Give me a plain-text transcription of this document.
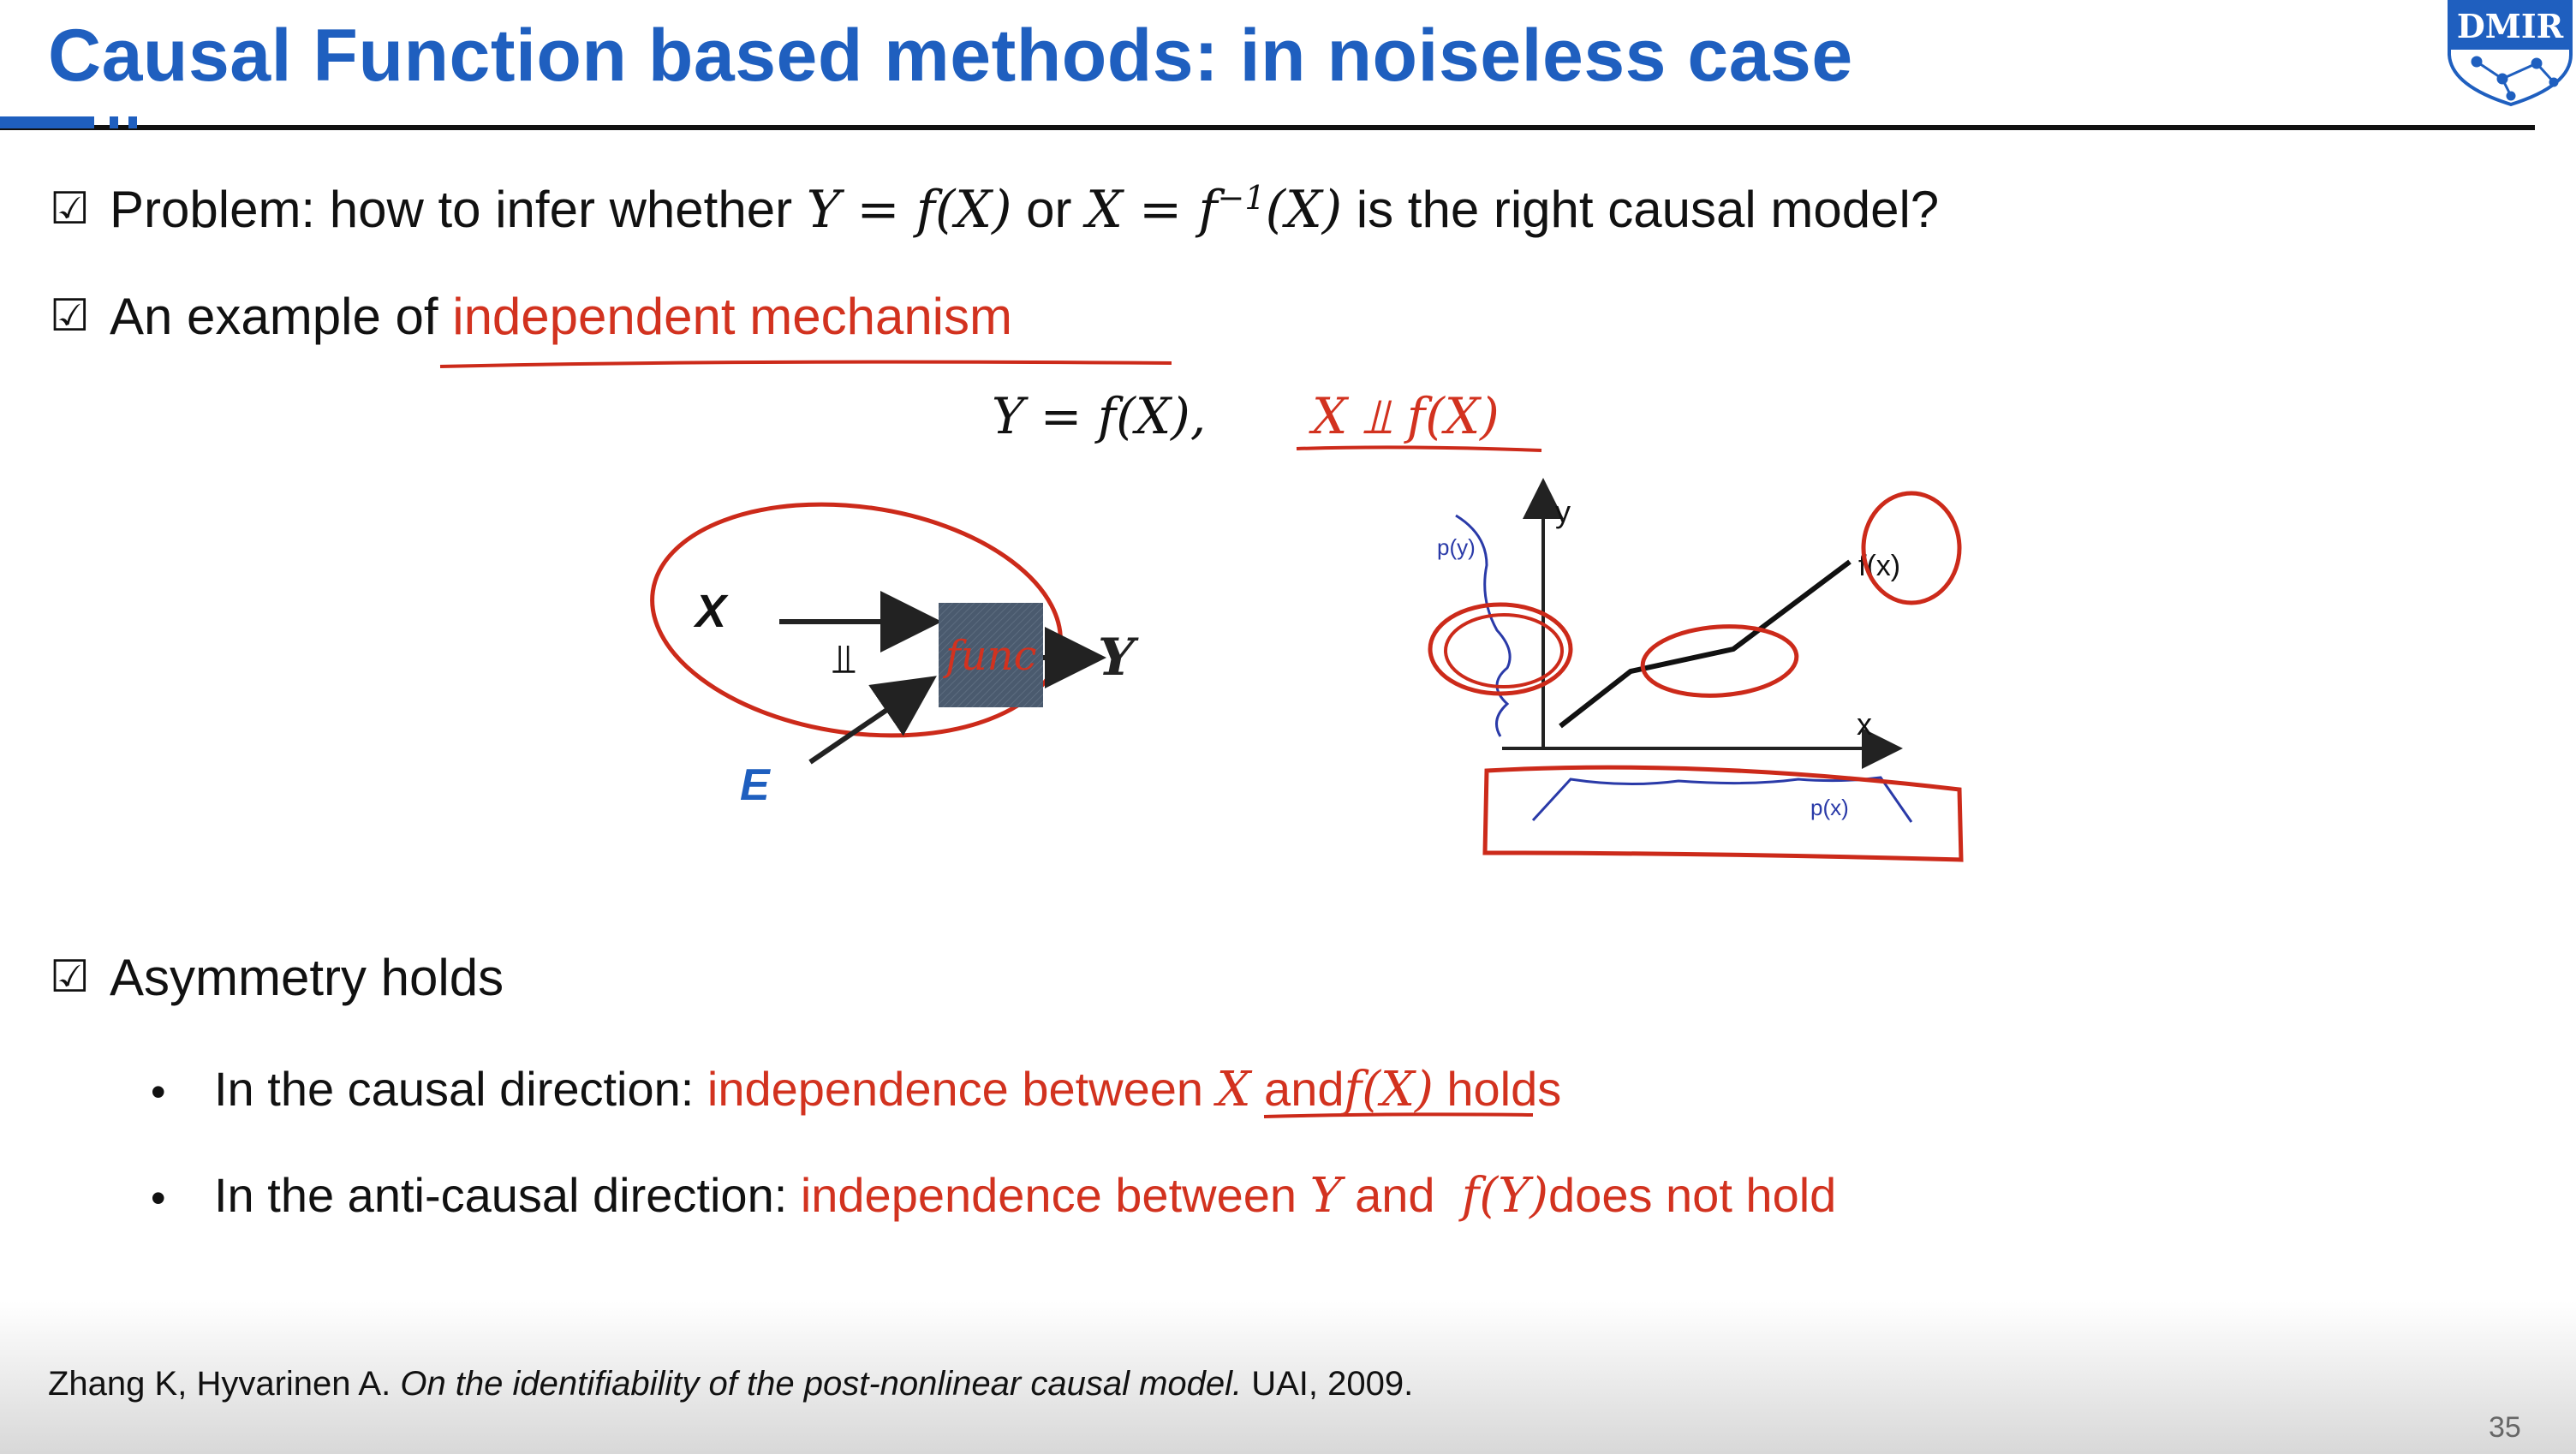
Causal Function based methods: in noiseless case	DMIR
☑ Problem: how to infer whether Y = f(X) or $X = f^{-1}(X)$ is the right causal model?
☑ An example of independent mechanism
Y = f(X), X ⫫ f(X)
X
⫫ func Y
E
y
x
f(x)
p(y)
p(x)
☑ Asymmetry holds
• In the causal direction: independence between X andf(X) holds
• In the anti-causal direction: independence between Y and  f(Y)does not hold
Zhang K, Hyvarinen A. On the identifiability of the post-nonlinear causal model. UAI, 2009.
35
